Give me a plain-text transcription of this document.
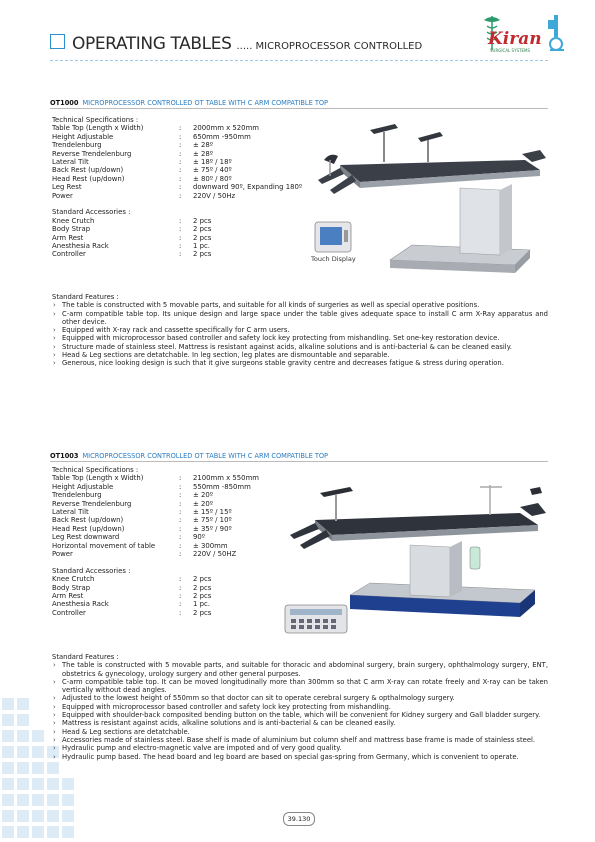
OPERATING TABLES ..... MICROPROCESSOR CONTROLLED	Kiran
SURGICAL SYSTEMS
OT1000 MICROPROCESSOR CONTROLLED OT TABLE WITH C ARM COMPATIBLE TOP
Technical Specifications :
Table Top (Length x Width)	:	2000mm x 520mm
Height Adjustable	:	650mm -950mm
Trendelenburg	:	± 28º
Reverse Trendelenburg	:	± 28º
Lateral Tilt	:	± 18º / 18º
Back Rest (up/down)	:	± 75º / 40º
Head Rest (up/down)	:	± 80º / 80º
Leg Rest	:	downward 90º, Expanding 180º
Power	:	220V / 50Hz
Standard Accessories :
Knee Crutch	:	2 pcs
Body Strap	:	2 pcs
Arm Rest	:	2 pcs
Anesthesia Rack	:	1 pc.
Controller	:	2 pcs
Touch Display
Standard Features :
› The table is constructed with 5 movable parts, and suitable for all kinds of surgeries as well as special operative positions.
› C-arm compatible table top. Its unique design and large space under the table gives adequate space to install C arm X-Ray apparatus and other device.
› Equipped with X-ray rack and cassette specifically for C arm users.
› Equipped with microprocessor based controller and safety lock key protecting from mishandling. Set one-key restoration device.
› Structure made of stainless steel. Mattress is resistant against acids, alkaline solutions and is anti-bacterial & can be cleaned easily.
› Head & Leg sections are detatchable. In leg section, leg plates are dismountable and separable.
› Generous, nice looking design is such that it give surgeons stable gravity centre and decreases fatigue & stress during operation.
OT1003 MICROPROCESSOR CONTROLLED OT TABLE WITH C ARM COMPATIBLE TOP
Technical Specifications :
Table Top (Length x Width)	:	2100mm x 550mm
Height Adjustable	:	550mm -850mm
Trendelenburg	:	± 20º
Reverse Trendelenburg	:	± 20º
Lateral Tilt	:	± 15º / 15º
Back Rest (up/down)	:	± 75º / 10º
Head Rest (up/down)	:	± 35º / 90º
Leg Rest downward	:	90º
Horizontal movement of table	:	± 300mm
Power	:	220V / 50HZ
Standard Accessories :
Knee Crutch	:	2 pcs
Body Strap	:	2 pcs
Arm Rest	:	2 pcs
Anesthesia Rack	:	1 pc.
Controller	:	2 pcs
Standard Features :
› The table is constructed with 5 movable parts, and suitable for thoracic and abdominal surgery, brain surgery, ophthalmology surgery, ENT, obstetrics & gynecology, urology surgery and other general purposes.
› C-arm compatible table top. It can be moved longitudinally more than 300mm so that C arm X-ray can rotate freely and X-ray can be taken vertically without dead angles.
› Adjusted to the lowest height of 550mm so that doctor can sit to operate cerebral surgery & opthalmology surgery.
› Equipped with microprocessor based controller and safety lock key protecting from mishandling.
› Equipped with shoulder-back composited bending button on the table, which will be convenient for Kidney surgery and Gall bladder surgery.
› Mattress is resistant against acids, alkaline solutions and is anti-bacterial & can be cleaned easily.
› Head & Leg sections are detatchable.
› Accessories made of stainless steel. Base shelf is made of aluminium but column shelf and mattress base frame is made of stainless steel.
› Hydraulic pump and electro-magnetic valve are impoted and of very good quality.
› Hydraulic pump based. The head board and leg board are based on special gas-spring from Germany, which is convenient to operate.
39.130
